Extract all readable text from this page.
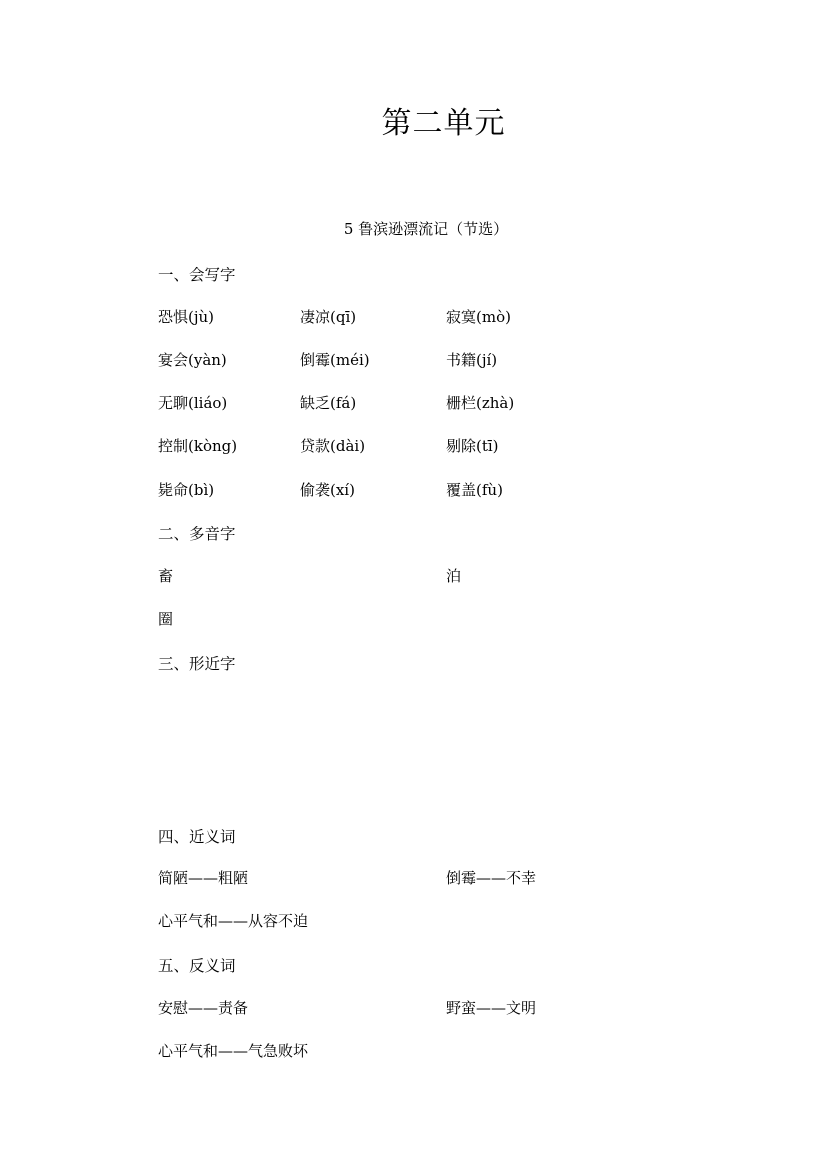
第二单元
5 鲁滨逊漂流记（节选）
一、会写字
恐惧(jù)	凄凉(qī)	寂寞(mò)
宴会(yàn)	倒霉(méi)	书籍(jí)
无聊(liáo)	缺乏(fá)	栅栏(zhà)
控制(kòng)	贷款(dài)	剔除(tī)
毙命(bì)	偷袭(xí)	覆盖(fù)
二、多音字
畜	泊
圈
三、形近字
四、近义词
简陋——粗陋	倒霉——不幸
心平气和——从容不迫
五、反义词
安慰——责备	野蛮——文明
心平气和——气急败坏
